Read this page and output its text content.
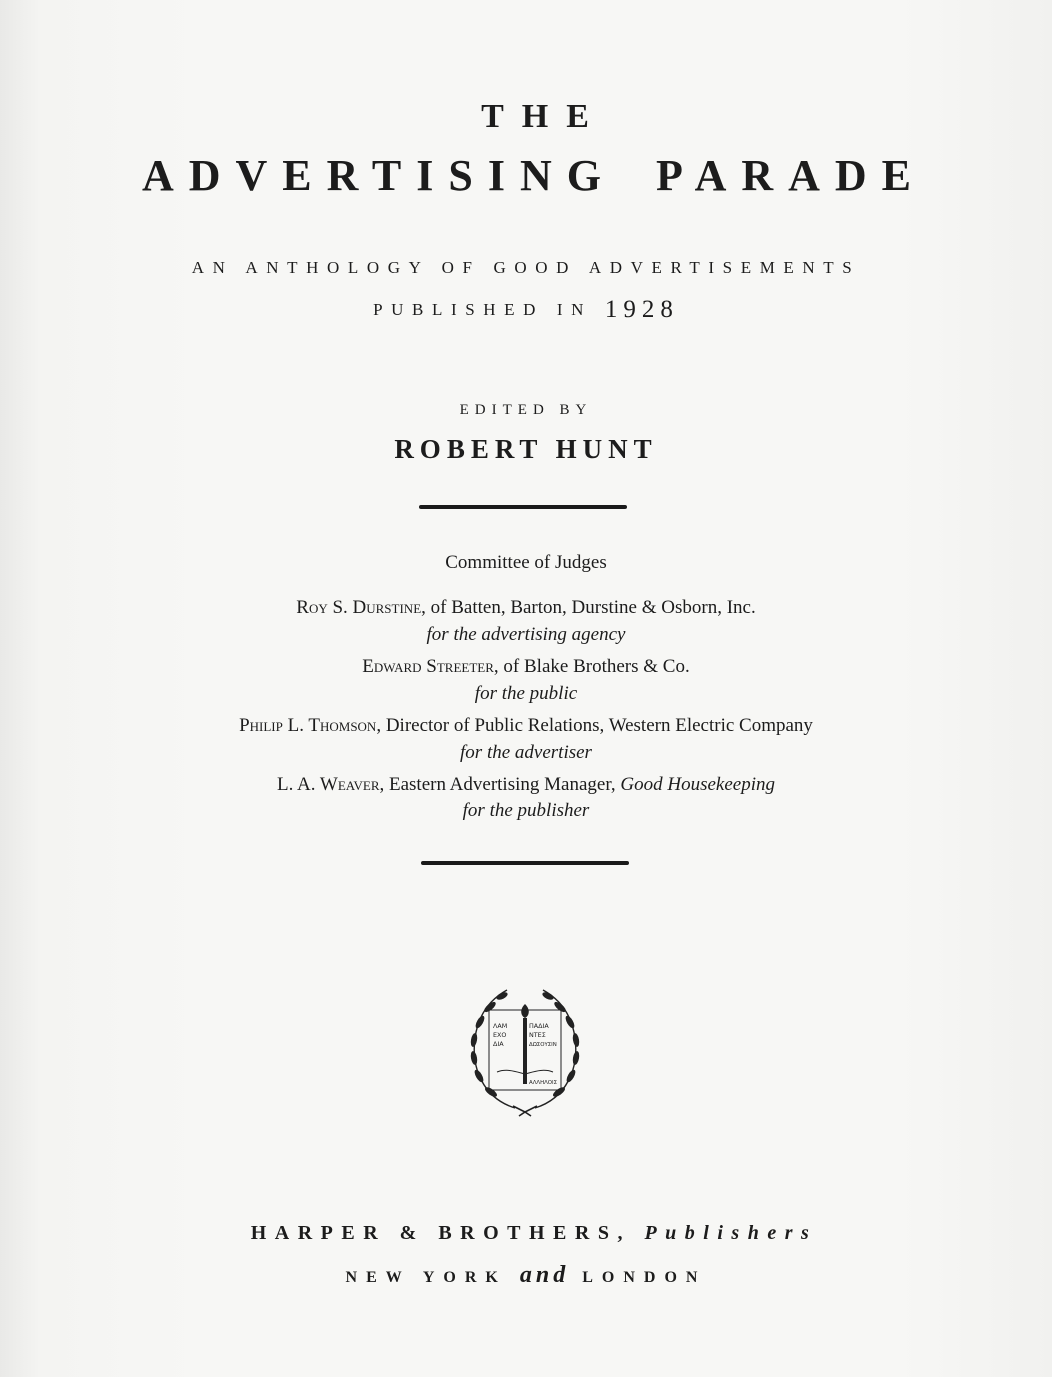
THE
ADVERTISING PARADE
AN ANTHOLOGY OF GOOD ADVERTISEMENTS
PUBLISHED IN 1928
EDITED BY
ROBERT HUNT
Committee of Judges
Roy S. Durstine, of Batten, Barton, Durstine & Osborn, Inc.
for the advertising agency
Edward Streeter, of Blake Brothers & Co.
for the public
Philip L. Thomson, Director of Public Relations, Western Electric Company
for the advertiser
L. A. Weaver, Eastern Advertising Manager, Good Housekeeping
for the publisher
ΛΑΜ
ΕΧΟ
ΔΙΑ
ΠΑΔΙΑ
ΝΤΕΣ
ΔΩΣΟΥΣΙΝ
ΑΛΛΗΛΟΙΣ
HARPER & BROTHERS, Publishers
NEW YORK and LONDON
